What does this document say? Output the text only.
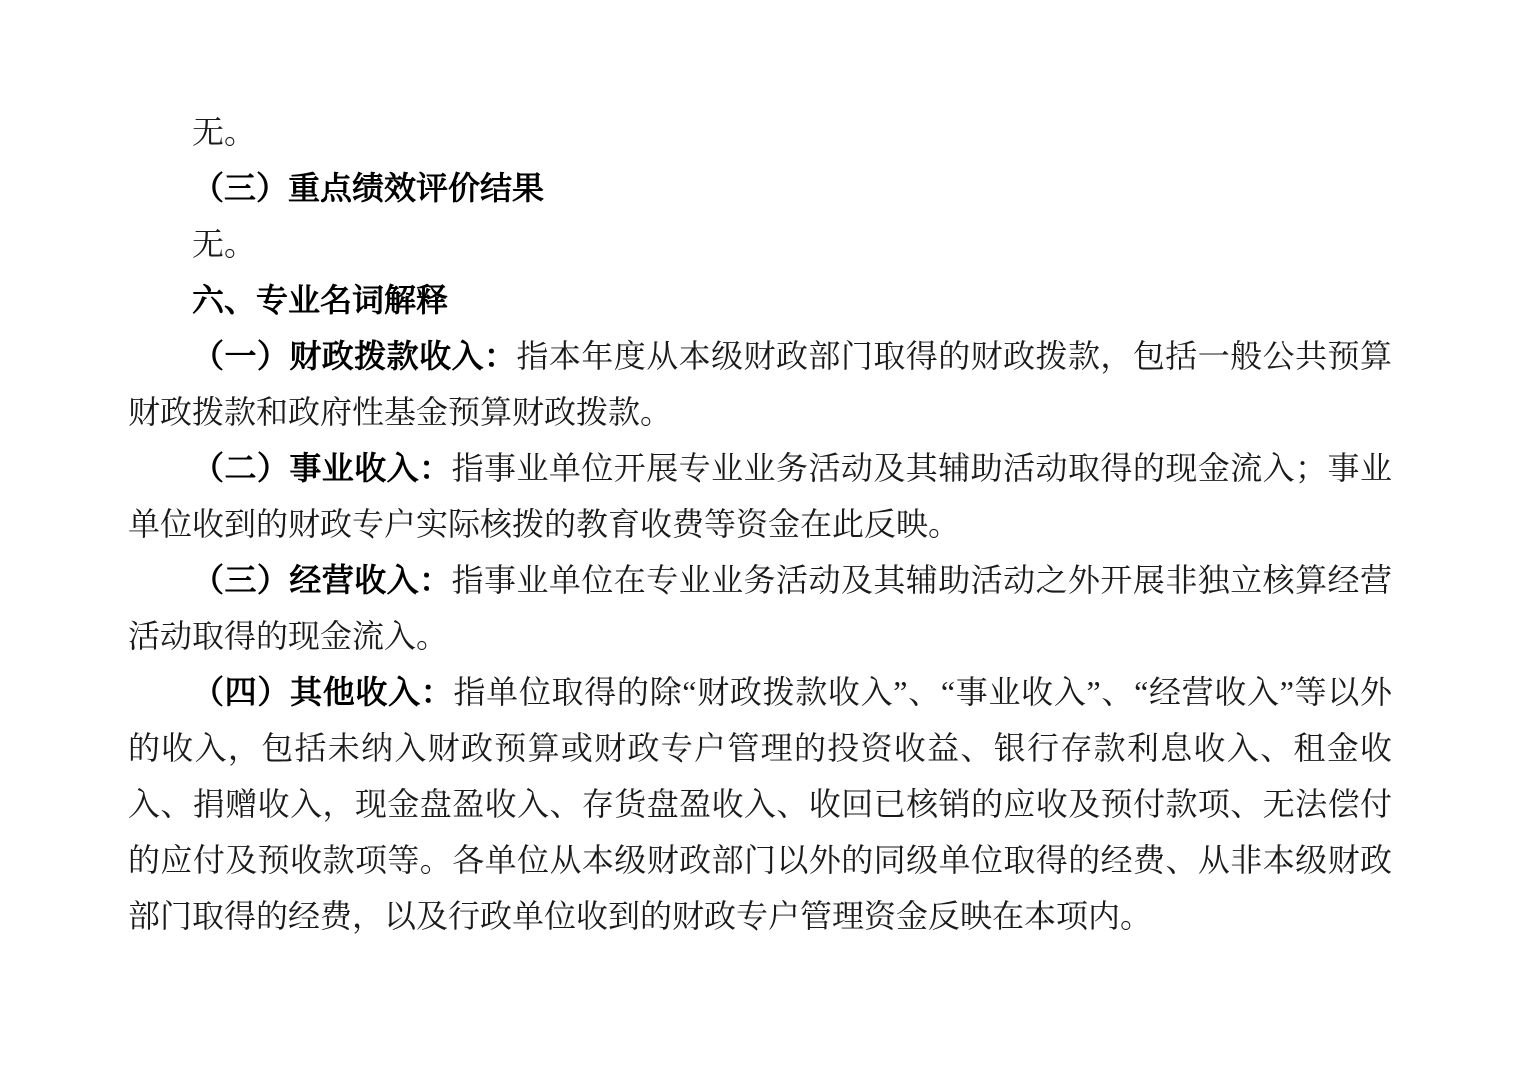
无。

（三）重点绩效评价结果

无。

六、专业名词解释

（一）财政拨款收入：指本年度从本级财政部门取得的财政拨款，包括一般公共预算财政拨款和政府性基金预算财政拨款。

（二）事业收入：指事业单位开展专业业务活动及其辅助活动取得的现金流入；事业单位收到的财政专户实际核拨的教育收费等资金在此反映。

（三）经营收入：指事业单位在专业业务活动及其辅助活动之外开展非独立核算经营活动取得的现金流入。

（四）其他收入：指单位取得的除“财政拨款收入”、“事业收入”、“经营收入”等以外的收入，包括未纳入财政预算或财政专户管理的投资收益、银行存款利息收入、租金收入、捐赠收入，现金盘盈收入、存货盘盈收入、收回已核销的应收及预付款项、无法偿付的应付及预收款项等。各单位从本级财政部门以外的同级单位取得的经费、从非本级财政部门取得的经费，以及行政单位收到的财政专户管理资金反映在本项内。
